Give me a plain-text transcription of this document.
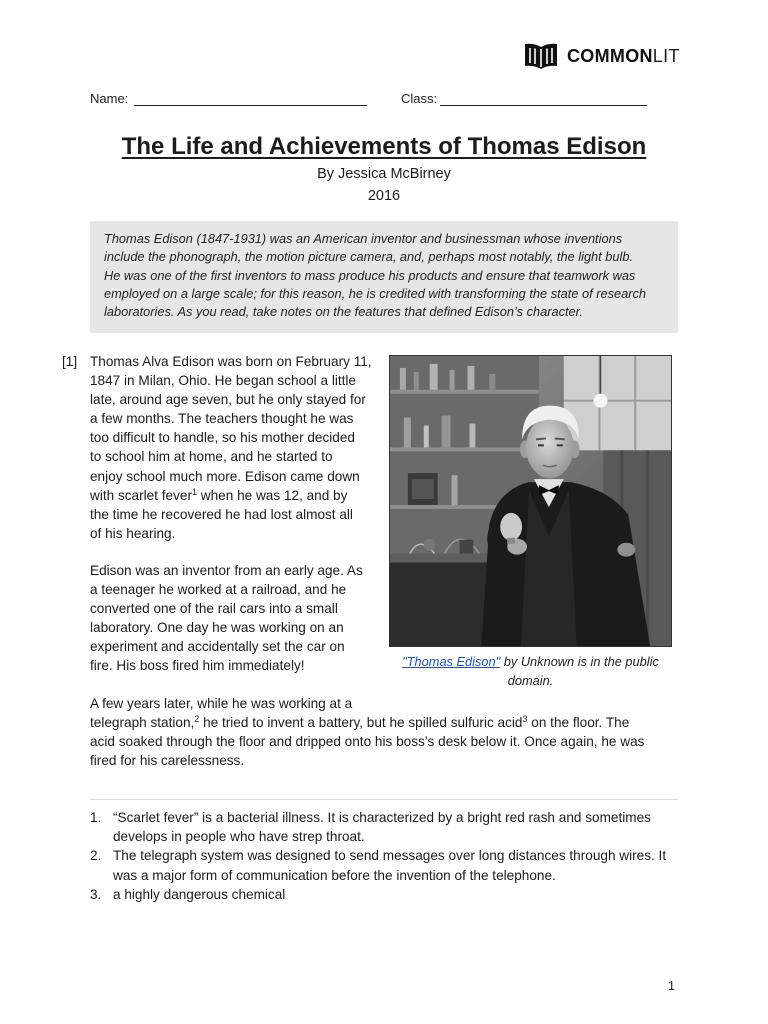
COMMONLIT
Name:	Class:
The Life and Achievements of Thomas Edison
By Jessica McBirney
2016
Thomas Edison (1847-1931) was an American inventor and businessman whose inventions
include the phonograph, the motion picture camera, and, perhaps most notably, the light bulb.
He was one of the first inventors to mass produce his products and ensure that teamwork was
employed on a large scale; for this reason, he is credited with transforming the state of research
laboratories. As you read, take notes on the features that defined Edison’s character.
[1] Thomas Alva Edison was born on February 11,
1847 in Milan, Ohio. He began school a little
late, around age seven, but he only stayed for
a few months. The teachers thought he was
too difficult to handle, so his mother decided
to school him at home, and he started to
enjoy school much more. Edison came down
with scarlet fever$^1$ when he was 12, and by
the time he recovered he had lost almost all
of his hearing.
Edison was an inventor from an early age. As
a teenager he worked at a railroad, and he
converted one of the rail cars into a small
laboratory. One day he was working on an
experiment and accidentally set the car on
fire. His boss fired him immediately!
A few years later, while he was working at a
telegraph station,$^2$ he tried to invent a battery, but he spilled sulfuric acid$^3$ on the floor. The
acid soaked through the floor and dripped onto his boss’s desk below it. Once again, he was
fired for his carelessness.
"Thomas Edison" by Unknown is in the public
domain.
1. “Scarlet fever” is a bacterial illness. It is characterized by a bright red rash and sometimes
develops in people who have strep throat.
2. The telegraph system was designed to send messages over long distances through wires. It
was a major form of communication before the invention of the telephone.
3. a highly dangerous chemical
1
